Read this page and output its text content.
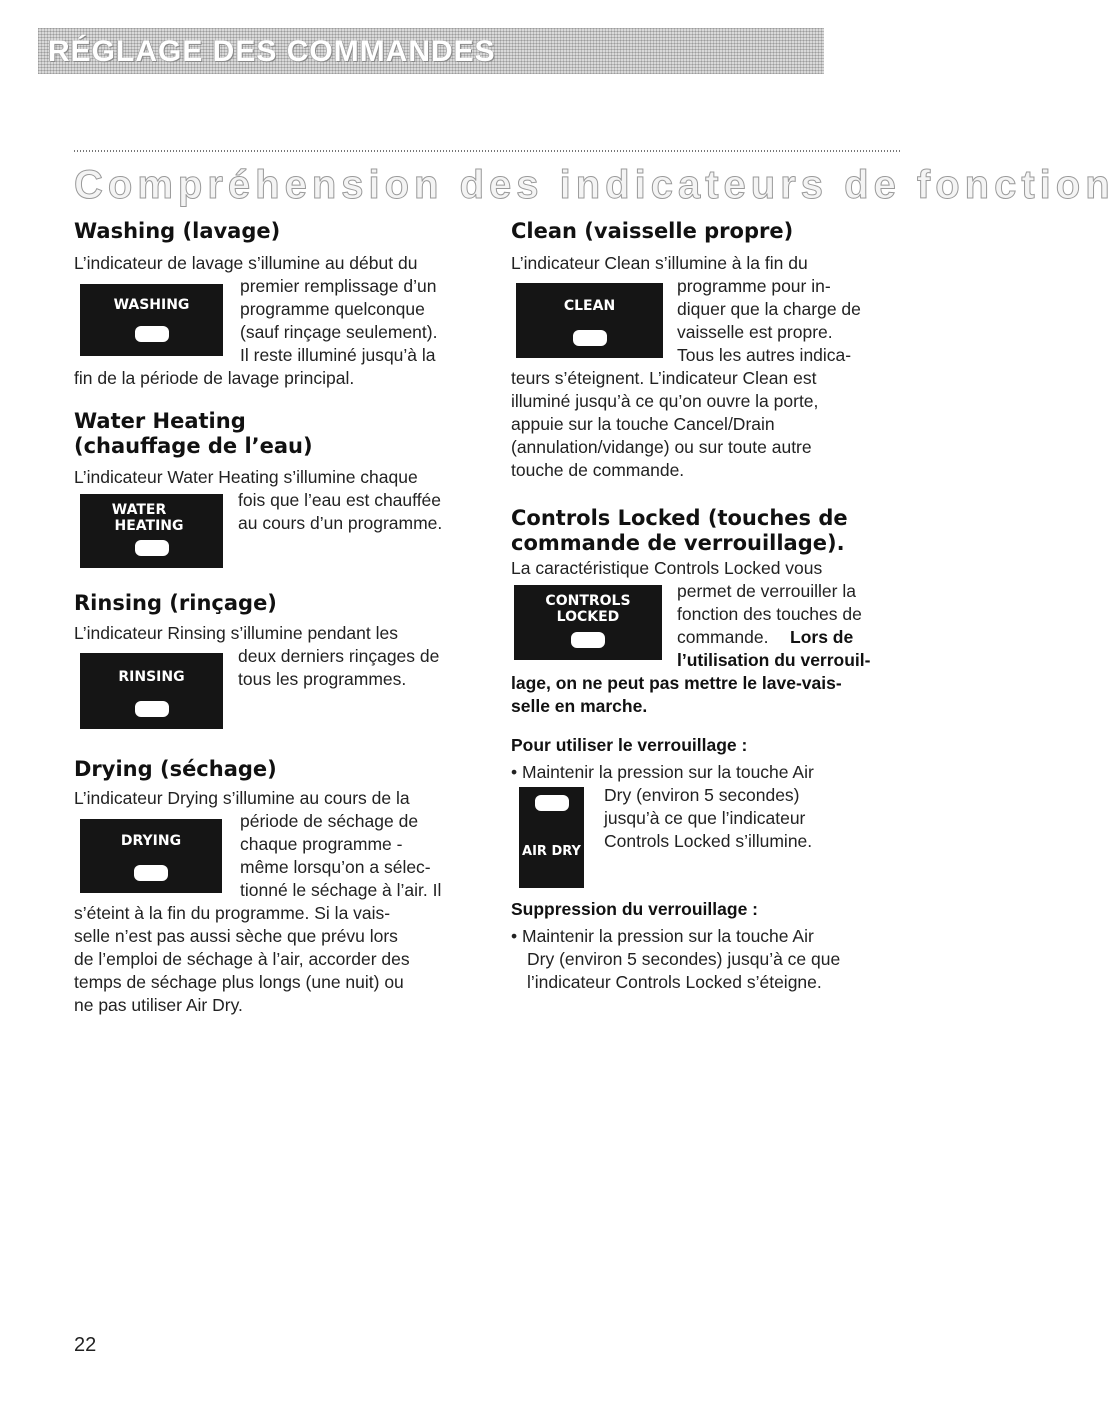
RÉGLAGE DES COMMANDES
Compréhension des indicateurs de fonction
Washing (lavage)
L’indicateur de lavage s’illumine au début du
WASHING
premier remplissage d’un
programme quelconque
(sauf rinçage seulement).
Il reste illuminé jusqu’à la
fin de la période de lavage principal.
Water Heating
(chauffage de l’eau)
L’indicateur Water Heating s’illumine chaque
WATER
HEATING
fois que l’eau est chauffée
au cours d’un programme.
Rinsing (rinçage)
L’indicateur Rinsing s’illumine pendant les
RINSING
deux derniers rinçages de
tous les programmes.
Drying (séchage)
L’indicateur Drying s’illumine au cours de la
DRYING
période de séchage de
chaque programme -
même lorsqu’on a sélec-
tionné le séchage à l’air. Il
s’éteint à la fin du programme. Si la vais-
selle n’est pas aussi sèche que prévu lors
de l’emploi de séchage à l’air, accorder des
temps de séchage plus longs (une nuit) ou
ne pas utiliser Air Dry.
Clean (vaisselle propre)
L’indicateur Clean s’illumine à la fin du
CLEAN
programme pour in-
diquer que la charge de
vaisselle est propre.
Tous les autres indica-
teurs s’éteignent. L’indicateur Clean est
illuminé jusqu’à ce qu’on ouvre la porte,
appuie sur la touche Cancel/Drain
(annulation/vidange) ou sur toute autre
touche de commande.
Controls Locked (touches de
commande de verrouillage).
La caractéristique Controls Locked vous
CONTROLS
LOCKED
permet de verrouiller la
fonction des touches de
commande. Lors de
l’utilisation du verrouil-
lage, on ne peut pas mettre le lave-vais-
selle en marche.
Pour utiliser le verrouillage :
• Maintenir la pression sur la touche Air
AIR DRY
Dry (environ 5 secondes)
jusqu’à ce que l’indicateur
Controls Locked s’illumine.
Suppression du verrouillage :
• Maintenir la pression sur la touche Air
Dry (environ 5 secondes) jusqu’à ce que
l’indicateur Controls Locked s’éteigne.
22
